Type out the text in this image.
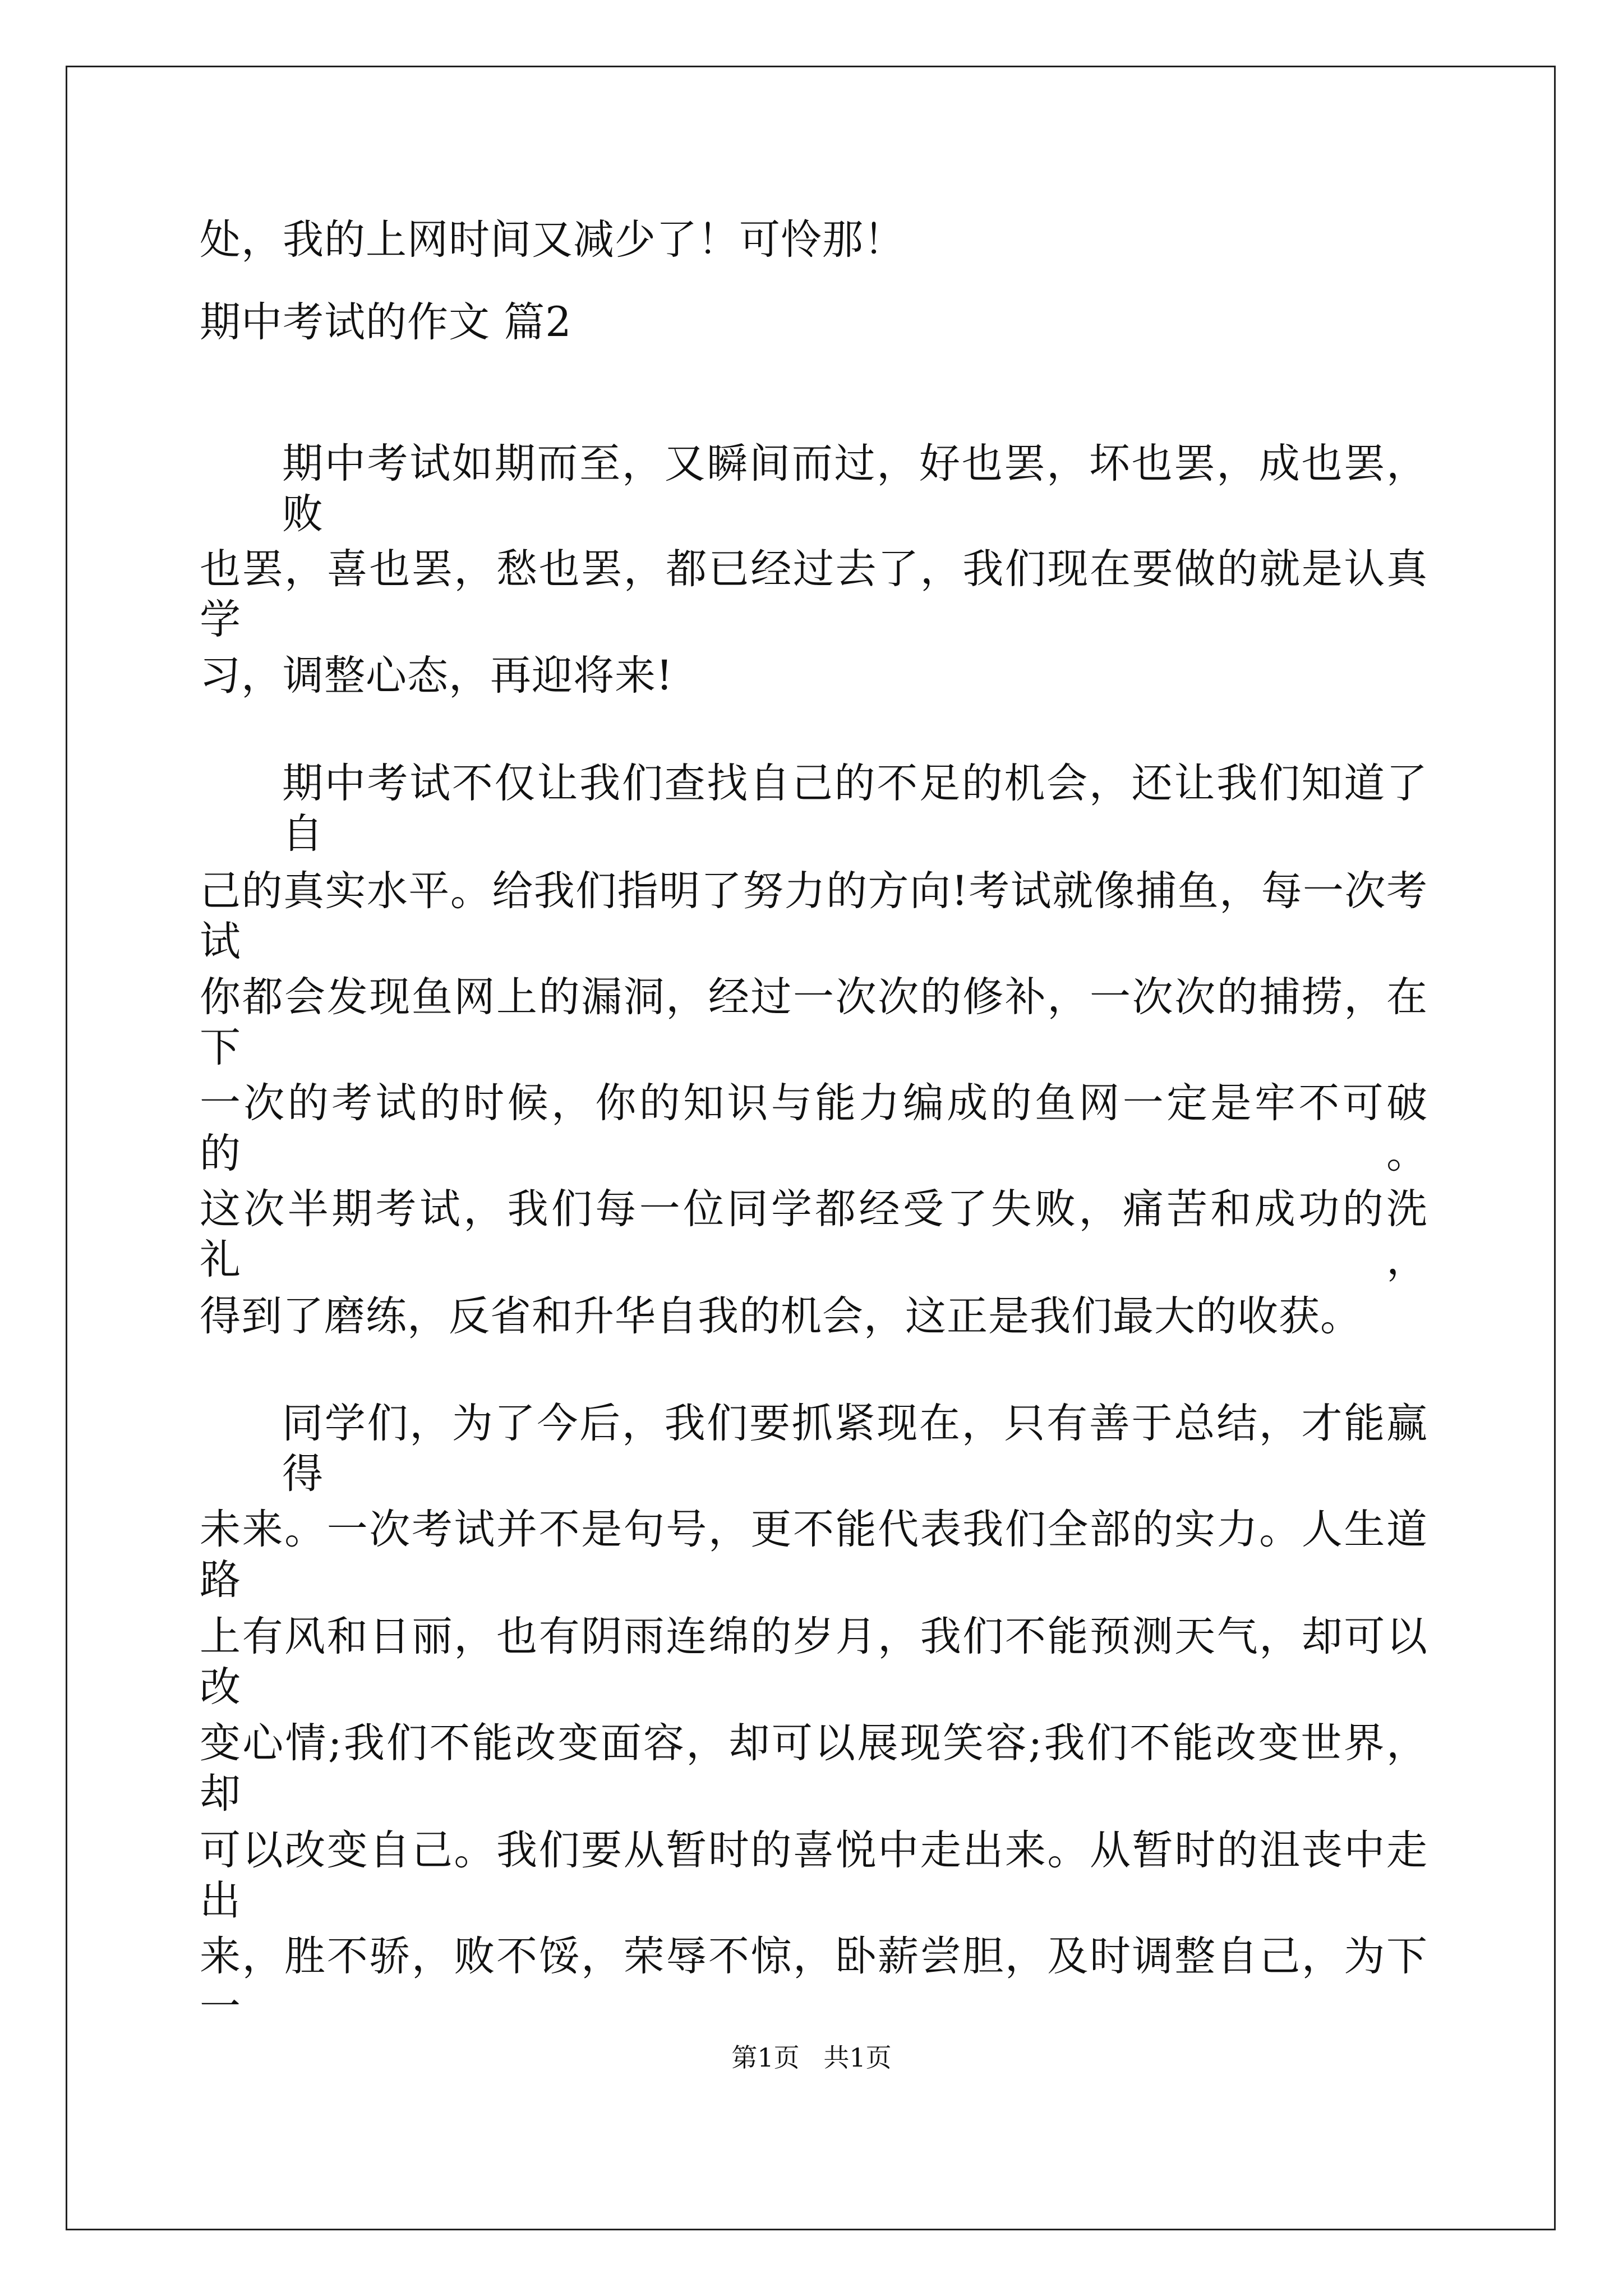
处，我的上网时间又减少了！可怜那！
期中考试的作文 篇2
期中考试如期而至，又瞬间而过，好也罢，坏也罢，成也罢，败
也罢，喜也罢，愁也罢，都已经过去了，我们现在要做的就是认真学
习，调整心态，再迎将来!
期中考试不仅让我们查找自己的不足的机会，还让我们知道了自
己的真实水平。给我们指明了努力的方向!考试就像捕鱼，每一次考试
你都会发现鱼网上的漏洞，经过一次次的修补，一次次的捕捞，在下
一次的考试的时候，你的知识与能力编成的鱼网一定是牢不可破的。
这次半期考试，我们每一位同学都经受了失败，痛苦和成功的洗礼，
得到了磨练，反省和升华自我的机会，这正是我们最大的收获。
同学们，为了今后，我们要抓紧现在，只有善于总结，才能赢得
未来。一次考试并不是句号，更不能代表我们全部的实力。人生道路
上有风和日丽，也有阴雨连绵的岁月，我们不能预测天气，却可以改
变心情;我们不能改变面容，却可以展现笑容;我们不能改变世界，却
可以改变自己。我们要从暂时的喜悦中走出来。从暂时的沮丧中走出
来，胜不骄，败不馁，荣辱不惊，卧薪尝胆，及时调整自己，为下一
第1页 共1页
